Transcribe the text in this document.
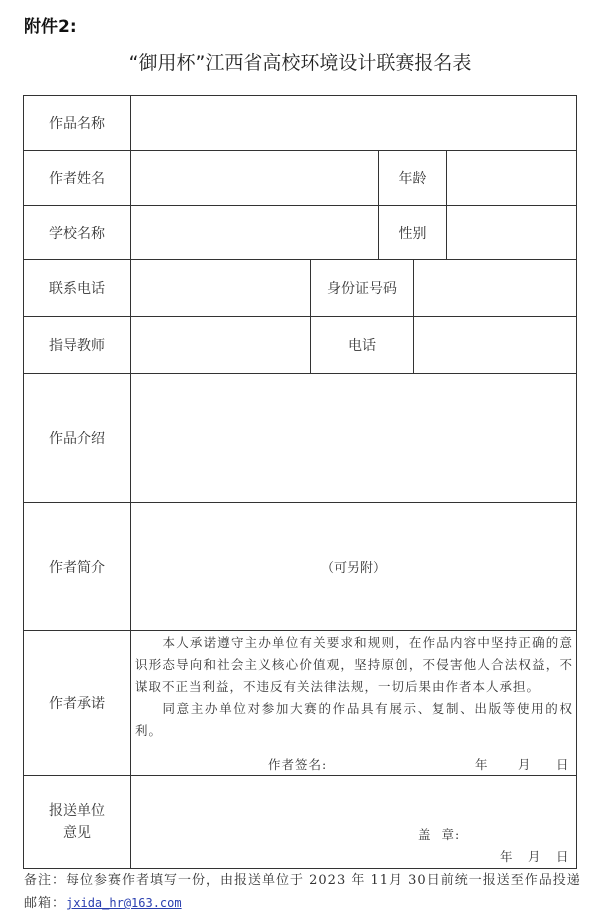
附件2:
“御用杯”江西省高校环境设计联赛报名表
作品名称
作者姓名	年龄
学校名称	性别
联系电话	身份证号码
指导教师	电话
作品介绍
作者简介	（可另附）
作者承诺

本人承诺遵守主办单位有关要求和规则，在作品内容中坚持正确的意识形态导向和社会主义核心价值观，坚持原创，不侵害他人合法权益，不谋取不正当利益，不违反有关法律法规，一切后果由作者本人承担。

同意主办单位对参加大赛的作品具有展示、复制、出版等使用的权利。

作者签名:	年 月 日
报送单位
意见	盖  章:
年 月 日
备注：每位参赛作者填写一份，由报送单位于 2023 年 11月 30日前统一报送至作品投递邮箱：jxida_hr@163.com
